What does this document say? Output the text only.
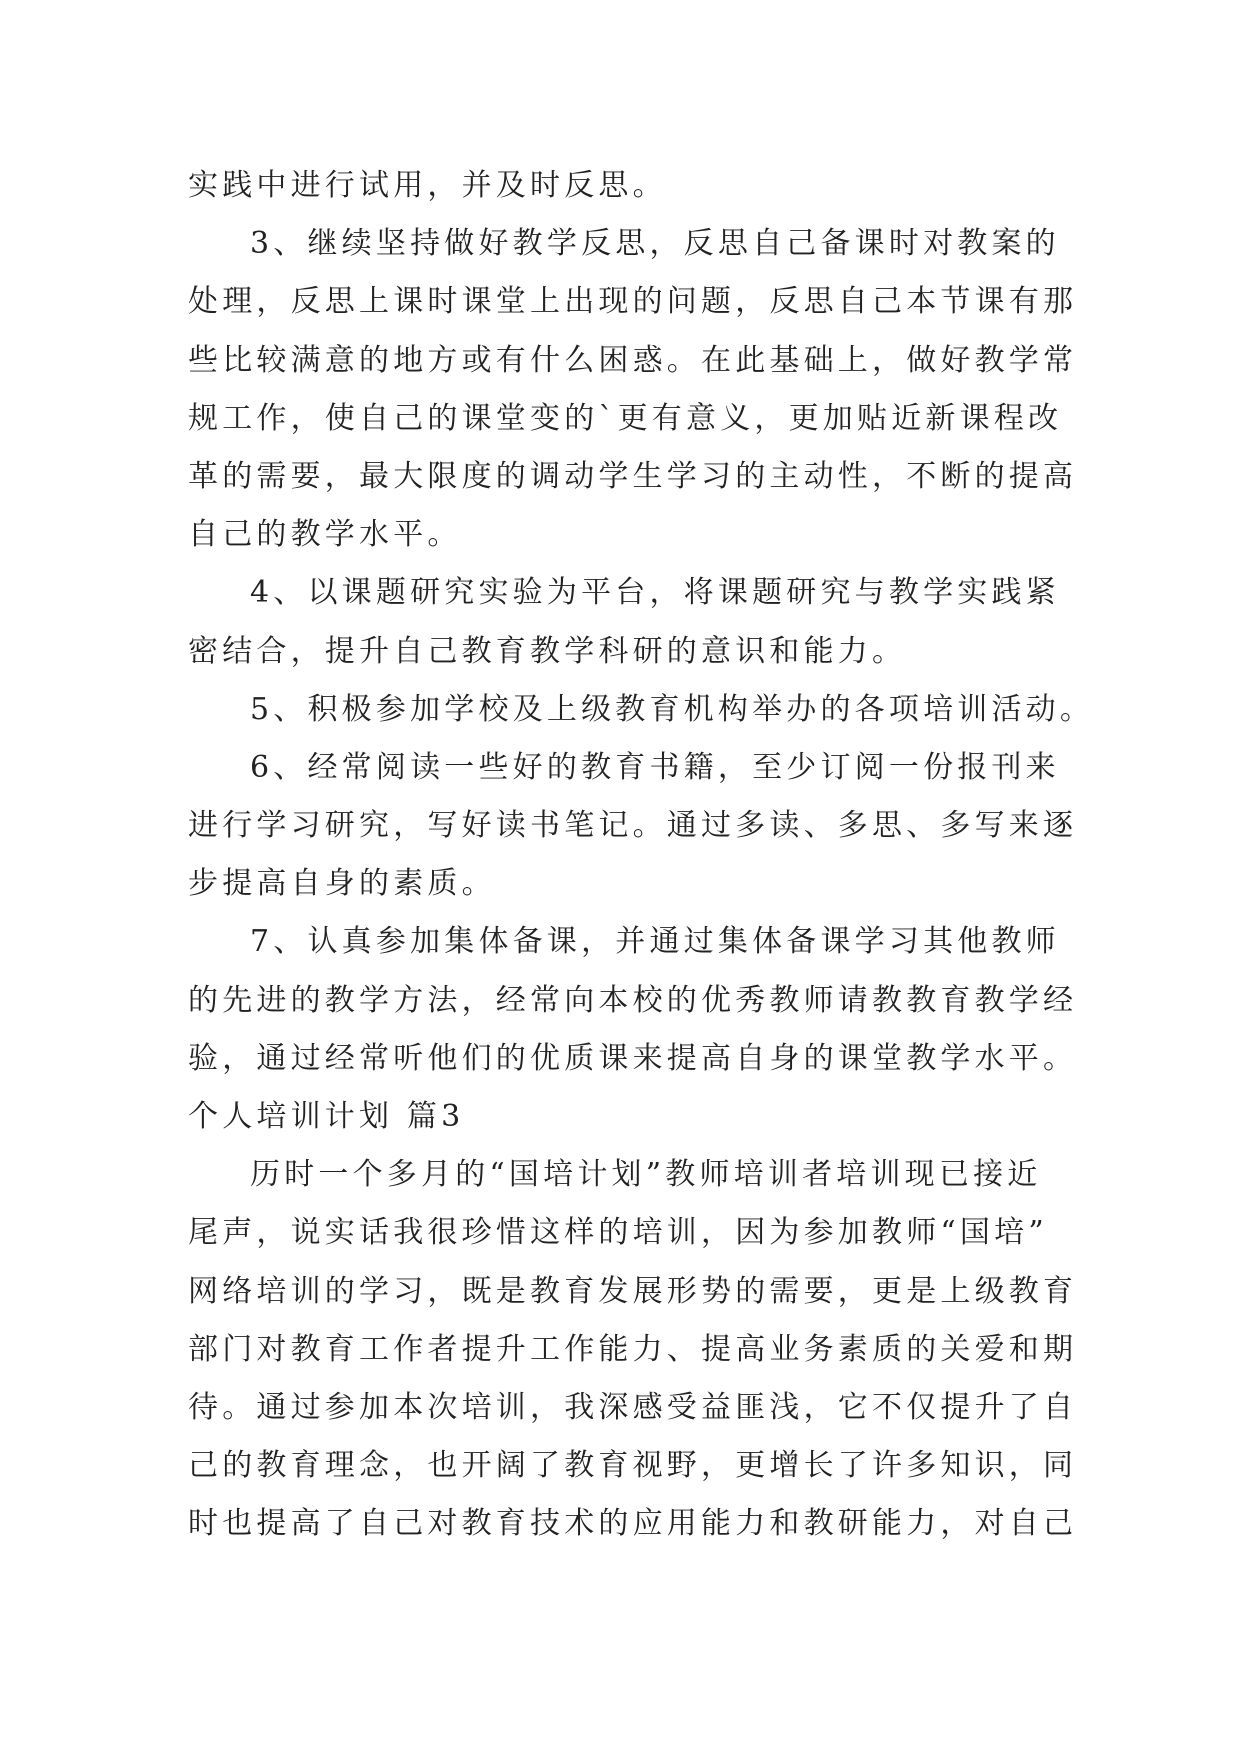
实践中进行试用，并及时反思。
3、继续坚持做好教学反思，反思自己备课时对教案的
处理，反思上课时课堂上出现的问题，反思自己本节课有那
些比较满意的地方或有什么困惑。在此基础上，做好教学常
规工作，使自己的课堂变的`更有意义，更加贴近新课程改
革的需要，最大限度的调动学生学习的主动性，不断的提高
自己的教学水平。
4、以课题研究实验为平台，将课题研究与教学实践紧
密结合，提升自己教育教学科研的意识和能力。
5、积极参加学校及上级教育机构举办的各项培训活动。
6、经常阅读一些好的教育书籍，至少订阅一份报刊来
进行学习研究，写好读书笔记。通过多读、多思、多写来逐
步提高自身的素质。
7、认真参加集体备课，并通过集体备课学习其他教师
的先进的教学方法，经常向本校的优秀教师请教教育教学经
验，通过经常听他们的优质课来提高自身的课堂教学水平。
个人培训计划 篇3
历时一个多月的“国培计划”教师培训者培训现已接近
尾声，说实话我很珍惜这样的培训，因为参加教师“国培”
网络培训的学习，既是教育发展形势的需要，更是上级教育
部门对教育工作者提升工作能力、提高业务素质的关爱和期
待。通过参加本次培训，我深感受益匪浅，它不仅提升了自
己的教育理念，也开阔了教育视野，更增长了许多知识，同
时也提高了自己对教育技术的应用能力和教研能力，对自己
